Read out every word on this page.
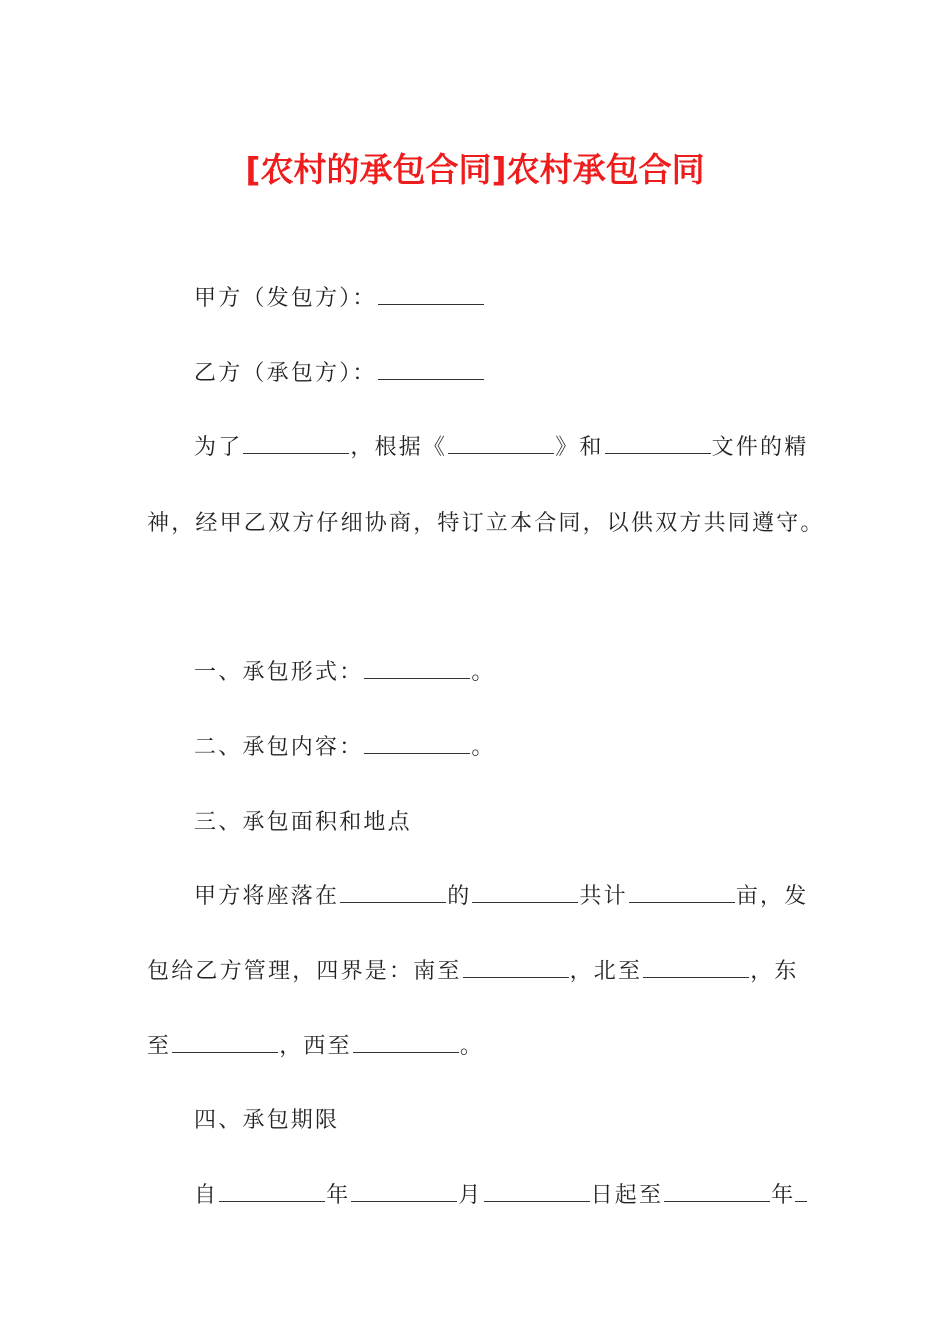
[农村的承包合同]农村承包合同
甲方（发包方）：
乙方（承包方）：
为了	，根据《	》和	文件的精
神，经甲乙双方仔细协商，特订立本合同，以供双方共同遵守。
一、承包形式：	。
二、承包内容：	。
三、承包面积和地点
甲方将座落在	的	共计	亩，发
包给乙方管理，四界是：南至	，北至	，东
至	，西至	。
四、承包期限
自	年	月	日起至	年
